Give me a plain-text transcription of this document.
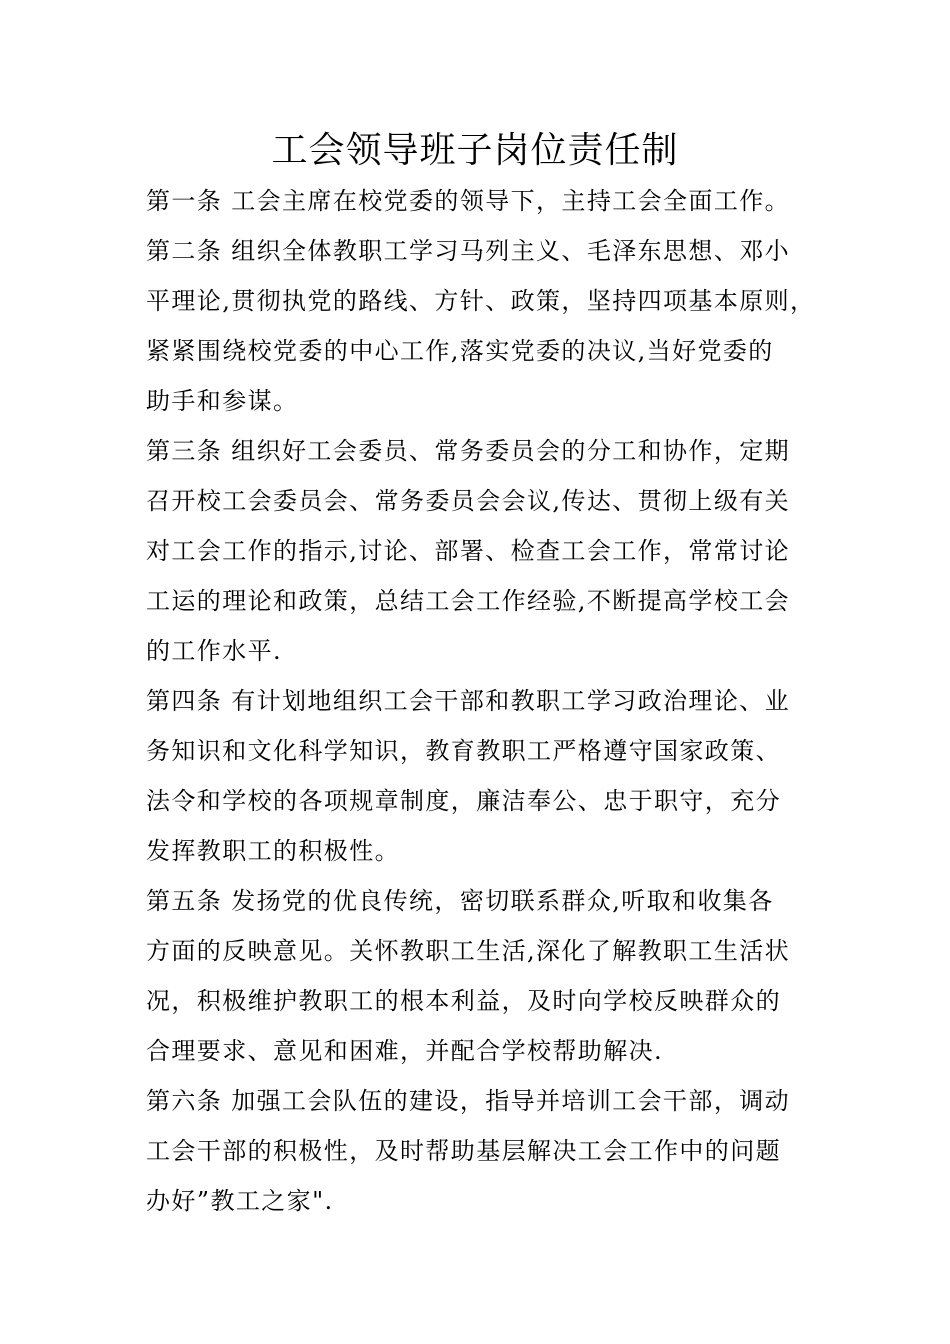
工会领导班子岗位责任制
第一条 工会主席在校党委的领导下，主持工会全面工作。
第二条 组织全体教职工学习马列主义、毛泽东思想、邓小
平理论,贯彻执党的路线、方针、政策，坚持四项基本原则，
紧紧围绕校党委的中心工作,落实党委的决议,当好党委的
助手和参谋。
第三条 组织好工会委员、常务委员会的分工和协作，定期
召开校工会委员会、常务委员会会议,传达、贯彻上级有关
对工会工作的指示,讨论、部署、检查工会工作，常常讨论
工运的理论和政策，总结工会工作经验,不断提高学校工会
的工作水平.
第四条 有计划地组织工会干部和教职工学习政治理论、业
务知识和文化科学知识，教育教职工严格遵守国家政策、
法令和学校的各项规章制度，廉洁奉公、忠于职守，充分
发挥教职工的积极性。
第五条 发扬党的优良传统，密切联系群众,听取和收集各
方面的反映意见。关怀教职工生活,深化了解教职工生活状
况，积极维护教职工的根本利益，及时向学校反映群众的
合理要求、意见和困难，并配合学校帮助解决.
第六条 加强工会队伍的建设，指导并培训工会干部，调动
工会干部的积极性，及时帮助基层解决工会工作中的问题
办好”教工之家".
